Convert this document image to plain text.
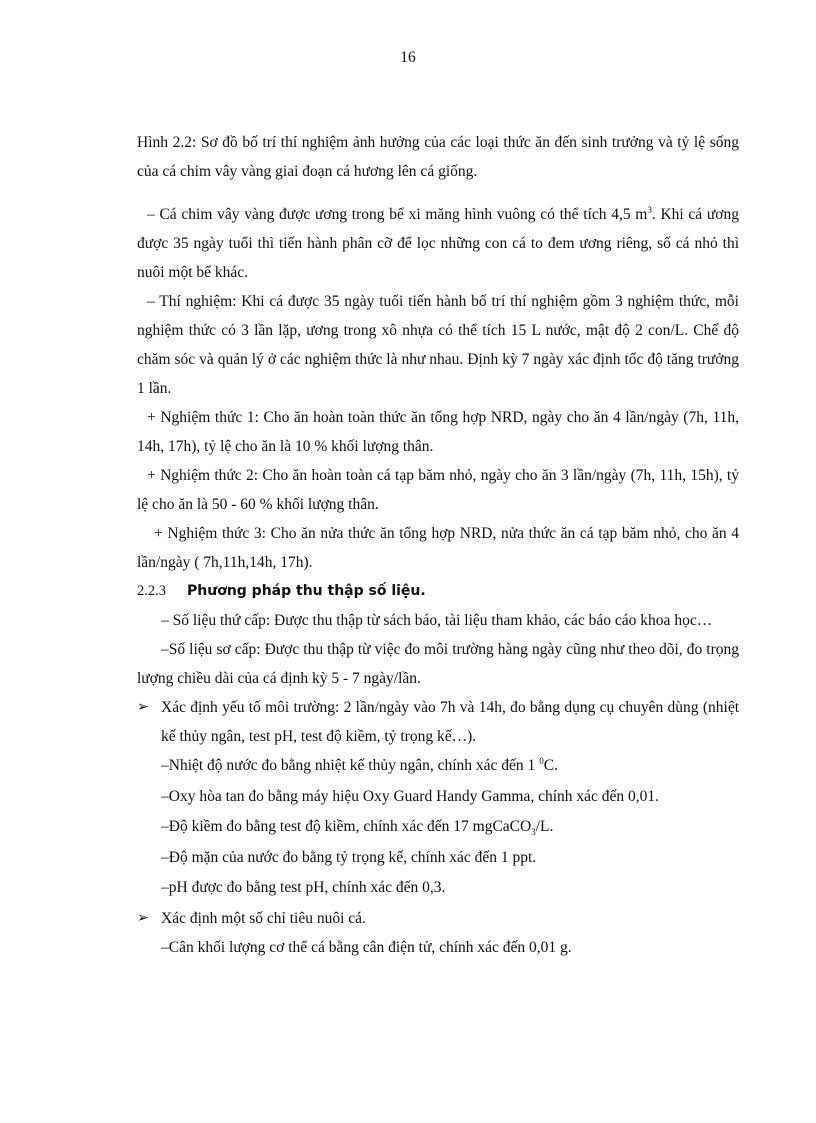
16

Hình 2.2: Sơ đồ bố trí thí nghiệm ảnh hưởng của các loại thức ăn đến sinh trưởng và tỷ lệ sống của cá chim vây vàng giai đoạn cá hương lên cá giống.

– Cá chim vây vàng được ương trong bể xi măng hình vuông có thể tích 4,5 $m^3$. Khi cá ương được 35 ngày tuổi thì tiến hành phân cỡ để lọc những con cá to đem ương riêng, số cá nhỏ thì nuôi một bể khác.

– Thí nghiệm: Khi cá được 35 ngày tuổi tiến hành bố trí thí nghiệm gồm 3 nghiệm thức, mỗi nghiệm thức có 3 lần lặp, ương trong xô nhựa có thể tích 15 L nước, mật độ 2 con/L. Chế độ chăm sóc và quản lý ở các nghiệm thức là như nhau. Định kỳ 7 ngày xác định tốc độ tăng trưởng 1 lần.

+ Nghiệm thức 1: Cho ăn hoàn toàn thức ăn tổng hợp NRD, ngày cho ăn 4 lần/ngày (7h, 11h, 14h, 17h), tỷ lệ cho ăn là 10 % khối lượng thân.

+ Nghiệm thức 2: Cho ăn hoàn toàn cá tạp băm nhỏ, ngày cho ăn 3 lần/ngày (7h, 11h, 15h), tỷ lệ cho ăn là 50 - 60 % khối lượng thân.

+ Nghiệm thức 3: Cho ăn nửa thức ăn tổng hợp NRD, nửa thức ăn cá tạp băm nhỏ, cho ăn 4 lần/ngày ( 7h,11h,14h, 17h).

2.2.3	Phương pháp thu thập số liệu.

– Số liệu thứ cấp: Được thu thập từ sách báo, tài liệu tham khảo, các báo cáo khoa học…

–Số liệu sơ cấp: Được thu thập từ việc đo môi trường hàng ngày cũng như theo dõi, đo trọng lượng chiều dài của cá định kỳ 5 - 7 ngày/lần.

➢ Xác định yếu tố môi trường: 2 lần/ngày vào 7h và 14h, đo bằng dụng cụ chuyên dùng (nhiệt kế thủy ngân, test pH, test độ kiềm, tỷ trọng kế…).
–Nhiệt độ nước đo bằng nhiệt kế thủy ngân, chính xác đến 1 $^0$C.
–Oxy hòa tan đo bằng máy hiệu Oxy Guard Handy Gamma, chính xác đến 0,01.
–Độ kiềm đo bằng test độ kiềm, chính xác đến 17 mgCaCO$_3$/L.
–Độ mặn của nước đo bằng tỷ trọng kế, chính xác đến 1 ppt.
–pH được đo bằng test pH, chính xác đến 0,3.
➢ Xác định một số chỉ tiêu nuôi cá.
–Cân khối lượng cơ thể cá bằng cân điện tử, chính xác đến 0,01 g.
